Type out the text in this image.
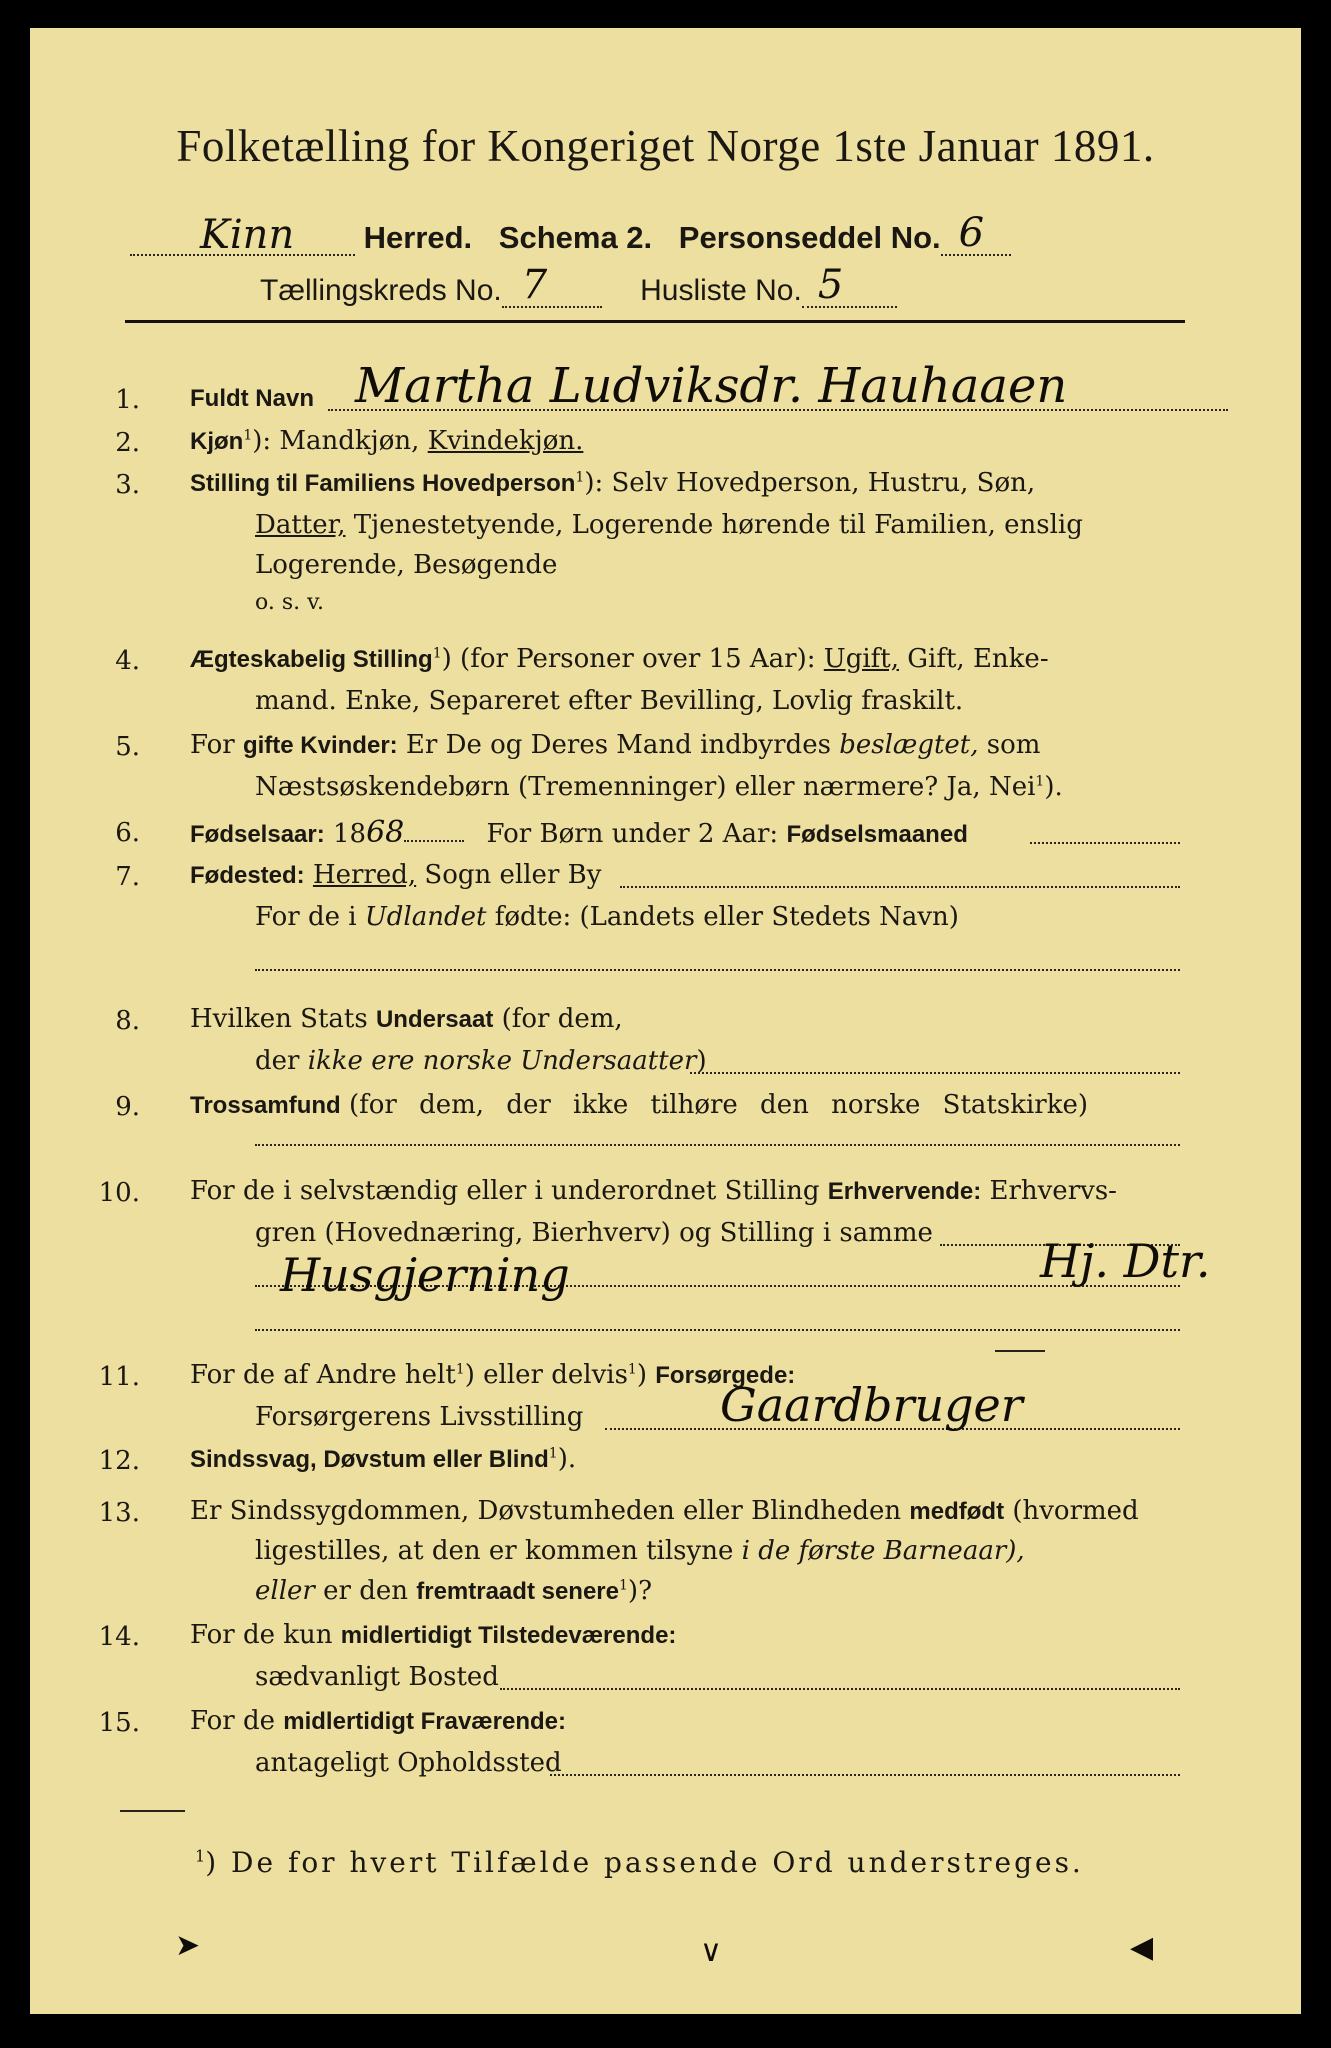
Folketælling for Kongeriget Norge 1ste Januar 1891.
Kinn Herred. Schema 2. Personseddel No. 6
Tællingskreds No. 7	Husliste No. 5
1. Fuldt Navn Martha Ludviksdr. Hauhaaen
2. Kjøn$^1$): Mandkjøn, Kvindekjøn.
3. Stilling til Familiens Hovedperson$^1$): Selv Hovedperson, Hustru, Søn,
Datter, Tjenestetyende, Logerende hørende til Familien, enslig
Logerende, Besøgende
o. s. v.
4. Ægteskabelig Stilling$^1$) (for Personer over 15 Aar): Ugift, Gift, Enke-
mand. Enke, Separeret efter Bevilling, Lovlig fraskilt.
5. For gifte Kvinder: Er De og Deres Mand indbyrdes beslægtet, som
Næstsøskendebørn (Tremenninger) eller nærmere? Ja, Nei$^1$).
6. Fødselsaar: 1868	For Børn under 2 Aar: Fødselsmaaned
7. Fødested: Herred, Sogn eller By
For de i Udlandet fødte: (Landets eller Stedets Navn)
8. Hvilken Stats Undersaat (for dem,
der ikke ere norske Undersaatter)
9. Trossamfund (for dem, der ikke tilhøre den norske Statskirke)
10. For de i selvstændig eller i underordnet Stilling Erhvervende: Erhvervs-
gren (Hovednæring, Bierhverv) og Stilling i samme
Husgjerning	Hj. Dtr.
11. For de af Andre helt$^1$) eller delvis$^1$) Forsørgede:
Forsørgerens Livsstilling	Gaardbruger
12. Sindssvag, Døvstum eller Blind$^1$).
13. Er Sindssygdommen, Døvstumheden eller Blindheden medfødt (hvormed
ligestilles, at den er kommen tilsyne i de første Barneaar),
eller er den fremtraadt senere$^1$)?
14. For de kun midlertidigt Tilstedeværende:
sædvanligt Bosted
15. For de midlertidigt Fraværende:
antageligt Opholdssted
$^1$) De for hvert Tilfælde passende Ord understreges.
➤	∨	◀
